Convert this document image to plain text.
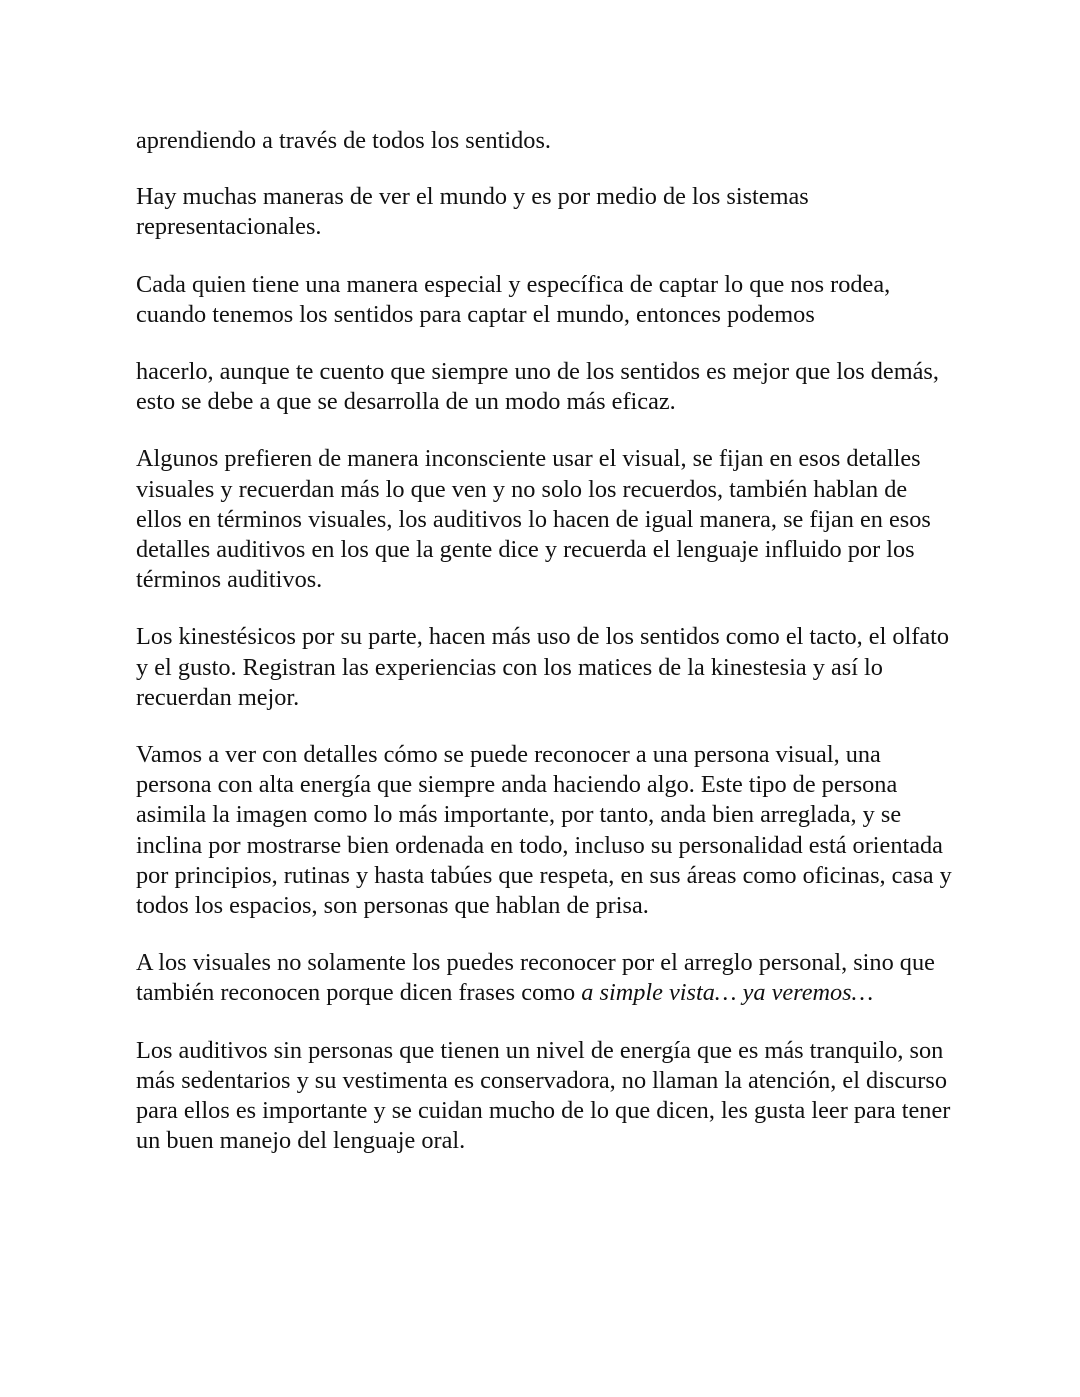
aprendiendo a través de todos los sentidos.

Hay muchas maneras de ver el mundo y es por medio de los sistemas representacionales.

Cada quien tiene una manera especial y específica de captar lo que nos rodea, cuando tenemos los sentidos para captar el mundo, entonces podemos

hacerlo, aunque te cuento que siempre uno de los sentidos es mejor que los demás, esto se debe a que se desarrolla de un modo más eficaz.

Algunos prefieren de manera inconsciente usar el visual, se fijan en esos detalles visuales y recuerdan más lo que ven y no solo los recuerdos, también hablan de ellos en términos visuales, los auditivos lo hacen de igual manera, se fijan en esos detalles auditivos en los que la gente dice y recuerda el lenguaje influido por los términos auditivos.

Los kinestésicos por su parte, hacen más uso de los sentidos como el tacto, el olfato y el gusto. Registran las experiencias con los matices de la kinestesia y así lo recuerdan mejor.

Vamos a ver con detalles cómo se puede reconocer a una persona visual, una persona con alta energía que siempre anda haciendo algo. Este tipo de persona asimila la imagen como lo más importante, por tanto, anda bien arreglada, y se inclina por mostrarse bien ordenada en todo, incluso su personalidad está orientada por principios, rutinas y hasta tabúes que respeta, en sus áreas como oficinas, casa y todos los espacios, son personas que hablan de prisa.

A los visuales no solamente los puedes reconocer por el arreglo personal, sino que también reconocen porque dicen frases como a simple vista… ya veremos…

Los auditivos sin personas que tienen un nivel de energía que es más tranquilo, son más sedentarios y su vestimenta es conservadora, no llaman la atención, el discurso para ellos es importante y se cuidan mucho de lo que dicen, les gusta leer para tener un buen manejo del lenguaje oral.
